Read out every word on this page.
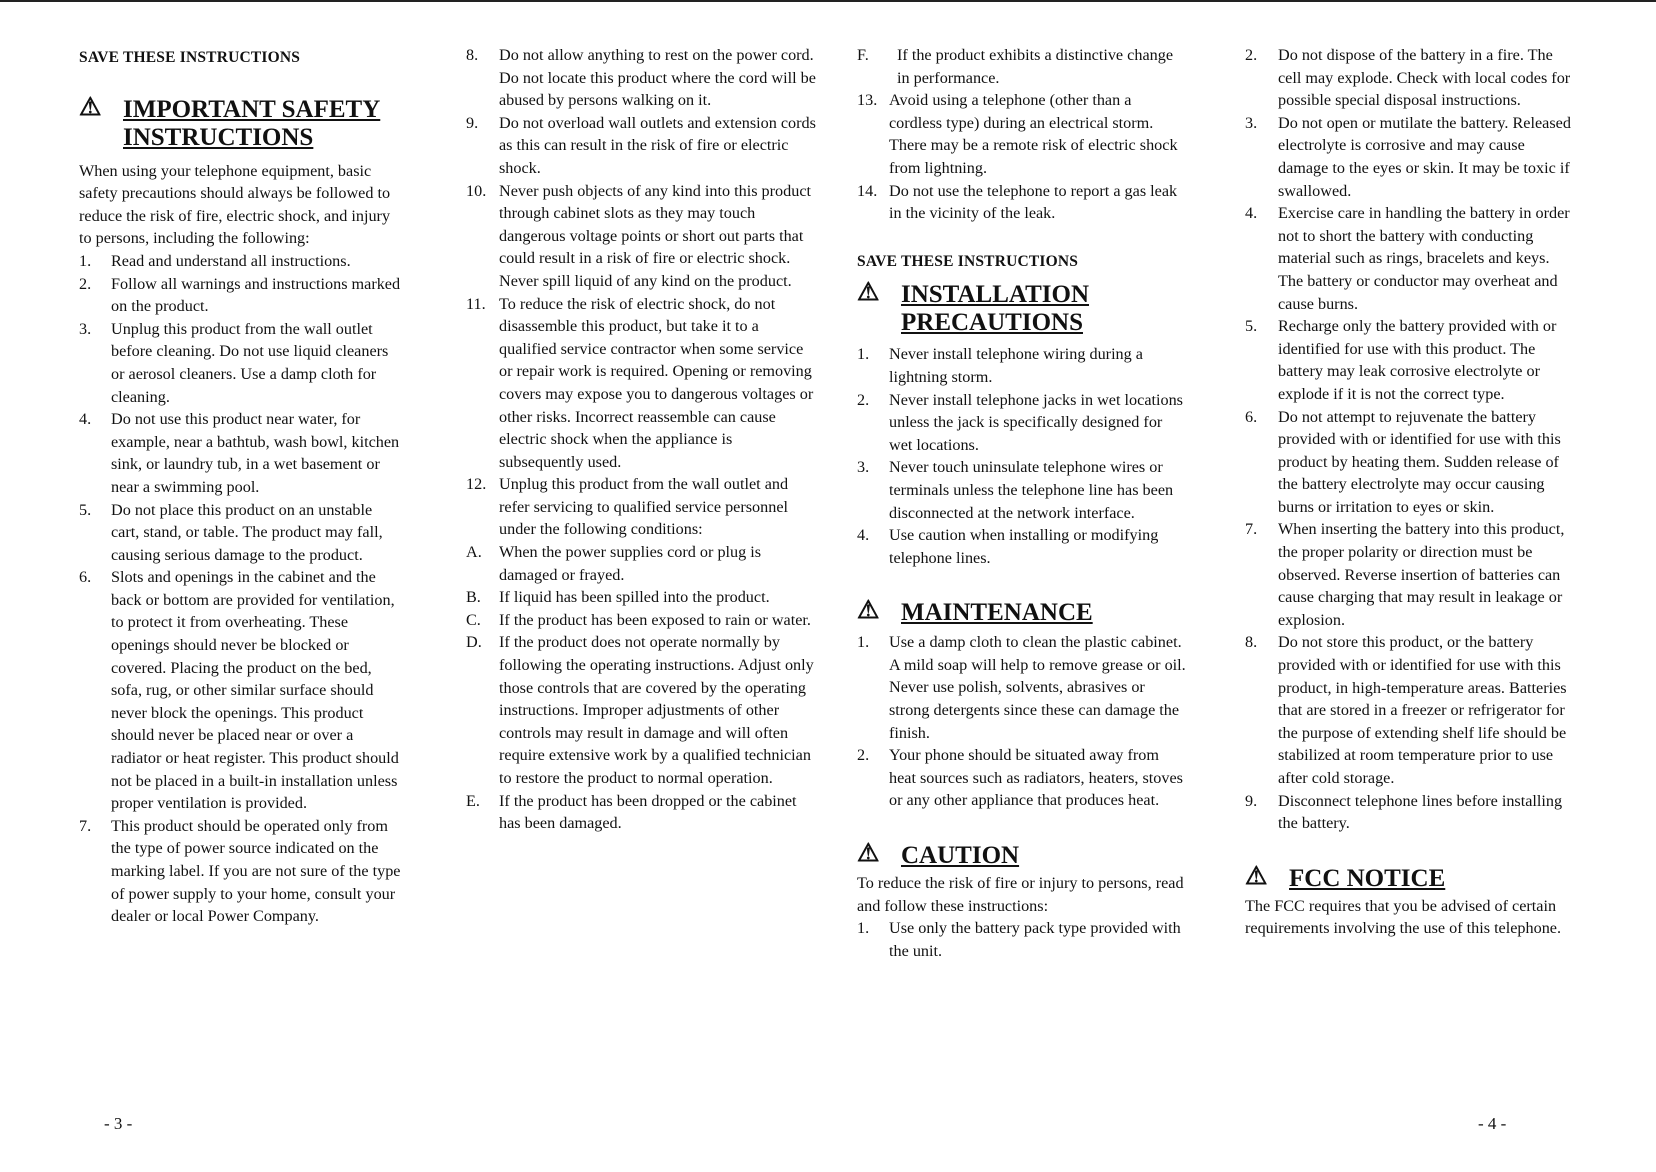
SAVE THESE INSTRUCTIONS

⚠ IMPORTANT SAFETY INSTRUCTIONS

When using your telephone equipment, basic safety precautions should always be followed to reduce the risk of fire, electric shock, and injury to persons, including the following:

1. Read and understand all instructions.
2. Follow all warnings and instructions marked on the product.
3. Unplug this product from the wall outlet before cleaning. Do not use liquid cleaners or aerosol cleaners. Use a damp cloth for cleaning.
4. Do not use this product near water, for example, near a bathtub, wash bowl, kitchen sink, or laundry tub, in a wet basement or near a swimming pool.
5. Do not place this product on an unstable cart, stand, or table. The product may fall, causing serious damage to the product.
6. Slots and openings in the cabinet and the back or bottom are provided for ventilation, to protect it from overheating. These openings should never be blocked or covered. Placing the product on the bed, sofa, rug, or other similar surface should never block the openings. This product should never be placed near or over a radiator or heat register. This product should not be placed in a built-in installation unless proper ventilation is provided.
7. This product should be operated only from the type of power source indicated on the marking label. If you are not sure of the type of power supply to your home, consult your dealer or local Power Company.
8. Do not allow anything to rest on the power cord. Do not locate this product where the cord will be abused by persons walking on it.
9. Do not overload wall outlets and extension cords as this can result in the risk of fire or electric shock.
10. Never push objects of any kind into this product through cabinet slots as they may touch dangerous voltage points or short out parts that could result in a risk of fire or electric shock. Never spill liquid of any kind on the product.
11. To reduce the risk of electric shock, do not disassemble this product, but take it to a qualified service contractor when some service or repair work is required. Opening or removing covers may expose you to dangerous voltages or other risks. Incorrect reassemble can cause electric shock when the appliance is subsequently used.
12. Unplug this product from the wall outlet and refer servicing to qualified service personnel under the following conditions:
A. When the power supplies cord or plug is damaged or frayed.
B. If liquid has been spilled into the product.
C. If the product has been exposed to rain or water.
D. If the product does not operate normally by following the operating instructions. Adjust only those controls that are covered by the operating instructions. Improper adjustments of other controls may result in damage and will often require extensive work by a qualified technician to restore the product to normal operation.
E. If the product has been dropped or the cabinet has been damaged.
F. If the product exhibits a distinctive change in performance.
13. Avoid using a telephone (other than a cordless type) during an electrical storm. There may be a remote risk of electric shock from lightning.
14. Do not use the telephone to report a gas leak in the vicinity of the leak.

SAVE THESE INSTRUCTIONS

⚠ INSTALLATION PRECAUTIONS
1. Never install telephone wiring during a lightning storm.
2. Never install telephone jacks in wet locations unless the jack is specifically designed for wet locations.
3. Never touch uninsulate telephone wires or terminals unless the telephone line has been disconnected at the network interface.
4. Use caution when installing or modifying telephone lines.
⚠ MAINTENANCE
1. Use a damp cloth to clean the plastic cabinet. A mild soap will help to remove grease or oil. Never use polish, solvents, abrasives or strong detergents since these can damage the finish.
2. Your phone should be situated away from heat sources such as radiators, heaters, stoves or any other appliance that produces heat.
⚠ CAUTION

To reduce the risk of fire or injury to persons, read and follow these instructions:

1. Use only the battery pack type provided with the unit.
2. Do not dispose of the battery in a fire. The cell may explode. Check with local codes for possible special disposal instructions.
3. Do not open or mutilate the battery. Released electrolyte is corrosive and may cause damage to the eyes or skin. It may be toxic if swallowed.
4. Exercise care in handling the battery in order not to short the battery with conducting material such as rings, bracelets and keys. The battery or conductor may overheat and cause burns.
5. Recharge only the battery provided with or identified for use with this product. The battery may leak corrosive electrolyte or explode if it is not the correct type.
6. Do not attempt to rejuvenate the battery provided with or identified for use with this product by heating them. Sudden release of the battery electrolyte may occur causing burns or irritation to eyes or skin.
7. When inserting the battery into this product, the proper polarity or direction must be observed. Reverse insertion of batteries can cause charging that may result in leakage or explosion.
8. Do not store this product, or the battery provided with or identified for use with this product, in high-temperature areas. Batteries that are stored in a freezer or refrigerator for the purpose of extending shelf life should be stabilized at room temperature prior to use after cold storage.
9. Disconnect telephone lines before installing the battery.
⚠ FCC NOTICE

The FCC requires that you be advised of certain requirements involving the use of this telephone.

- 3 -	- 4 -
